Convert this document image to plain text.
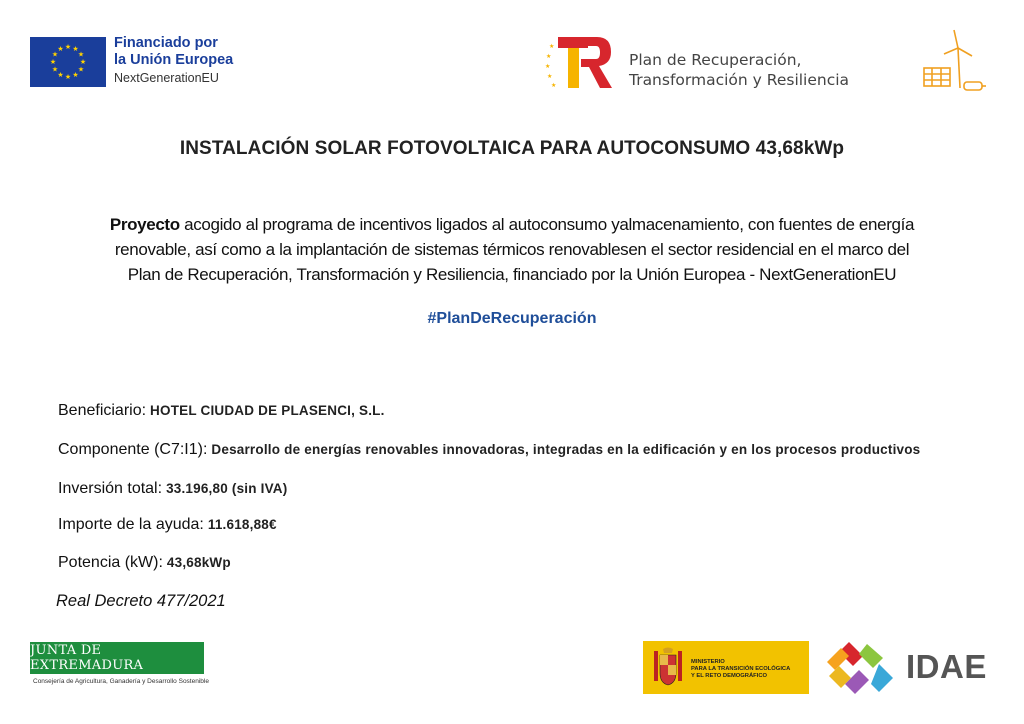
★ ★
★
★
★
★
★
★
★
★
★
★	Financiado por
la Unión Europea
NextGenerationEU
★
★
★
★
★
Plan de Recuperación,
Transformación y Resiliencia
INSTALACIÓN SOLAR FOTOVOLTAICA PARA AUTOCONSUMO 43,68kWp
Proyecto acogido al programa de incentivos ligados al autoconsumo yalmacenamiento, con fuentes de energía
renovable, así como a la implantación de sistemas térmicos renovablesen el sector residencial en el marco del
Plan de Recuperación, Transformación y Resiliencia, financiado por la Unión Europea - NextGenerationEU
#PlanDeRecuperación
Beneficiario: HOTEL CIUDAD DE PLASENCI, S.L.
Componente (C7:I1): Desarrollo de energías renovables innovadoras, integradas en la edificación y en los procesos productivos
Inversión total: 33.196,80 (sin IVA)
Importe de la ayuda: 11.618,88€
Potencia (kW): 43,68kWp
Real Decreto 477/2021
JUNTA DE EXTREMADURA
Consejería de Agricultura, Ganadería y Desarrollo Sostenible
MINISTERIO
PARA LA TRANSICIÓN ECOLÓGICA
Y EL RETO DEMOGRÁFICO	IDAE
